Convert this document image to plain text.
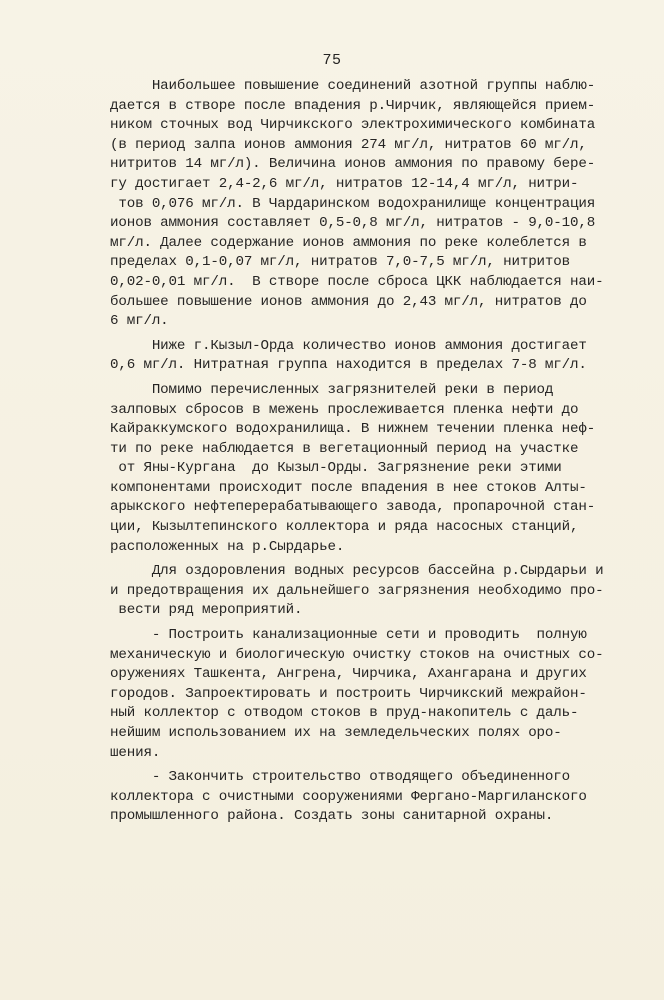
75
Наибольшее повышение соединений азотной группы наблю-
дается в створе после впадения р.Чирчик, являющейся прием-
ником сточных вод Чирчикского электрохимического комбината
(в период залпа ионов аммония 274 мг/л, нитратов 60 мг/л,
нитритов 14 мг/л). Величина ионов аммония по правому бере-
гу достигает 2,4-2,6 мг/л, нитратов 12-14,4 мг/л, нитри-
тов 0,076 мг/л. В Чардаринском водохранилище концентрация
ионов аммония составляет 0,5-0,8 мг/л, нитратов - 9,0-10,8
мг/л. Далее содержание ионов аммония по реке колеблется в
пределах 0,1-0,07 мг/л, нитратов 7,0-7,5 мг/л, нитритов
0,02-0,01 мг/л.  В створе после сброса ЦКК наблюдается наи-
большее повышение ионов аммония до 2,43 мг/л, нитратов до
6 мг/л.
Ниже г.Кызыл-Орда количество ионов аммония достигает
0,6 мг/л. Нитратная группа находится в пределах 7-8 мг/л.
Помимо перечисленных загрязнителей реки в период
залповых сбросов в межень прослеживается пленка нефти до
Кайраккумского водохранилища. В нижнем течении пленка неф-
ти по реке наблюдается в вегетационный период на участке
от Яны-Кургана  до Кызыл-Орды. Загрязнение реки этими
компонентами происходит после впадения в нее стоков Алты-
арыкского нефтеперерабатывающего завода, пропарочной стан-
ции, Кызылтепинского коллектора и ряда насосных станций,
расположенных на р.Сырдарье.
Для оздоровления водных ресурсов бассейна р.Сырдарьи и
и предотвращения их дальнейшего загрязнения необходимо про-
вести ряд мероприятий.
- Построить канализационные сети и проводить  полную
механическую и биологическую очистку стоков на очистных со-
оружениях Ташкента, Ангрена, Чирчика, Ахангарана и других
городов. Запроектировать и построить Чирчикский межрайон-
ный коллектор с отводом стоков в пруд-накопитель с даль-
нейшим использованием их на земледельческих полях оро-
шения.
- Закончить строительство отводящего объединенного
коллектора с очистными сооружениями Ферганo-Маргиланского
промышленного района. Создать зоны санитарной охраны.
